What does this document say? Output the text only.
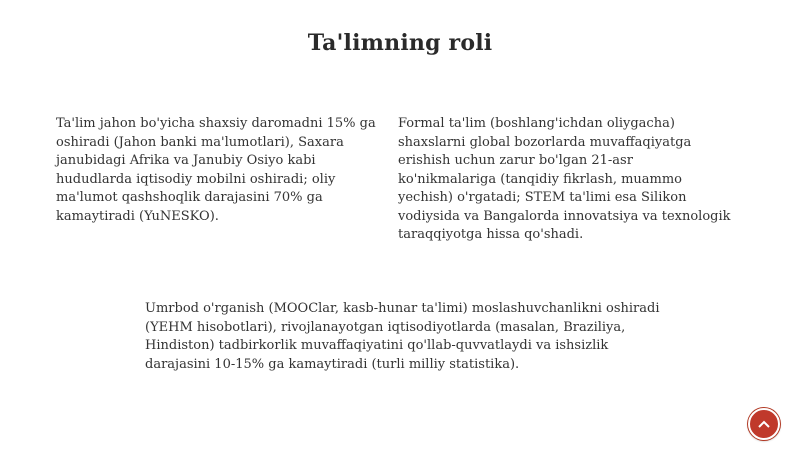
Ta'limning roli

Ta'lim jahon bo'yicha shaxsiy daromadni 15% ga oshiradi (Jahon banki ma'lumotlari), Saxara janubidagi Afrika va Janubiy Osiyo kabi hududlarda iqtisodiy mobilni oshiradi; oliy ma'lumot qashshoqlik darajasini 70% ga kamaytiradi (YuNESKO).

Formal ta'lim (boshlang'ichdan oliygacha) shaxslarni global bozorlarda muvaffaqiyatga erishish uchun zarur bo'lgan 21-asr ko'nikmalariga (tanqidiy fikrlash, muammo yechish) o'rgatadi; STEM ta'limi esa Silikon vodiysida va Bangalorda innovatsiya va texnologik taraqqiyotga hissa qo'shadi.

Umrbod o'rganish (MOOClar, kasb-hunar ta'limi) moslashuvchanlikni oshiradi (YEHM hisobotlari), rivojlanayotgan iqtisodiyotlarda (masalan, Braziliya, Hindiston) tadbirkorlik muvaffaqiyatini qo'llab-quvvatlaydi va ishsizlik darajasini 10-15% ga kamaytiradi (turli milliy statistika).
